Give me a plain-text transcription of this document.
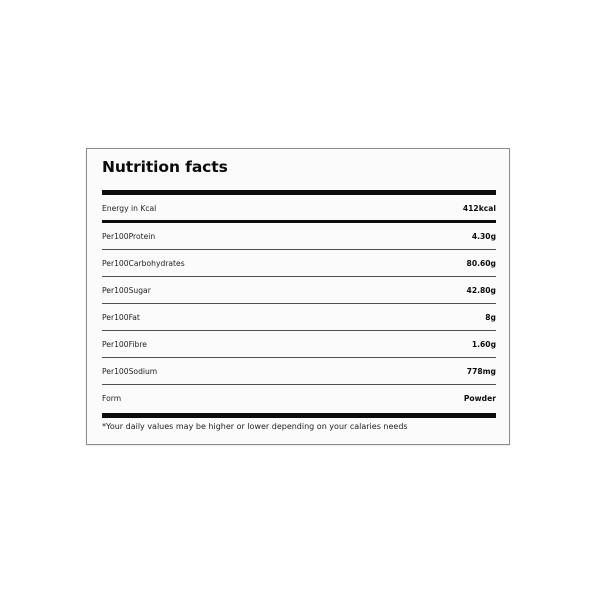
Nutrition facts
Energy in Kcal	412kcal
Per100Protein	4.30g
Per100Carbohydrates	80.60g
Per100Sugar	42.80g
Per100Fat	8g
Per100Fibre	1.60g
Per100Sodium	778mg
Form	Powder
*Your daily values may be higher or lower depending on your calaries needs
